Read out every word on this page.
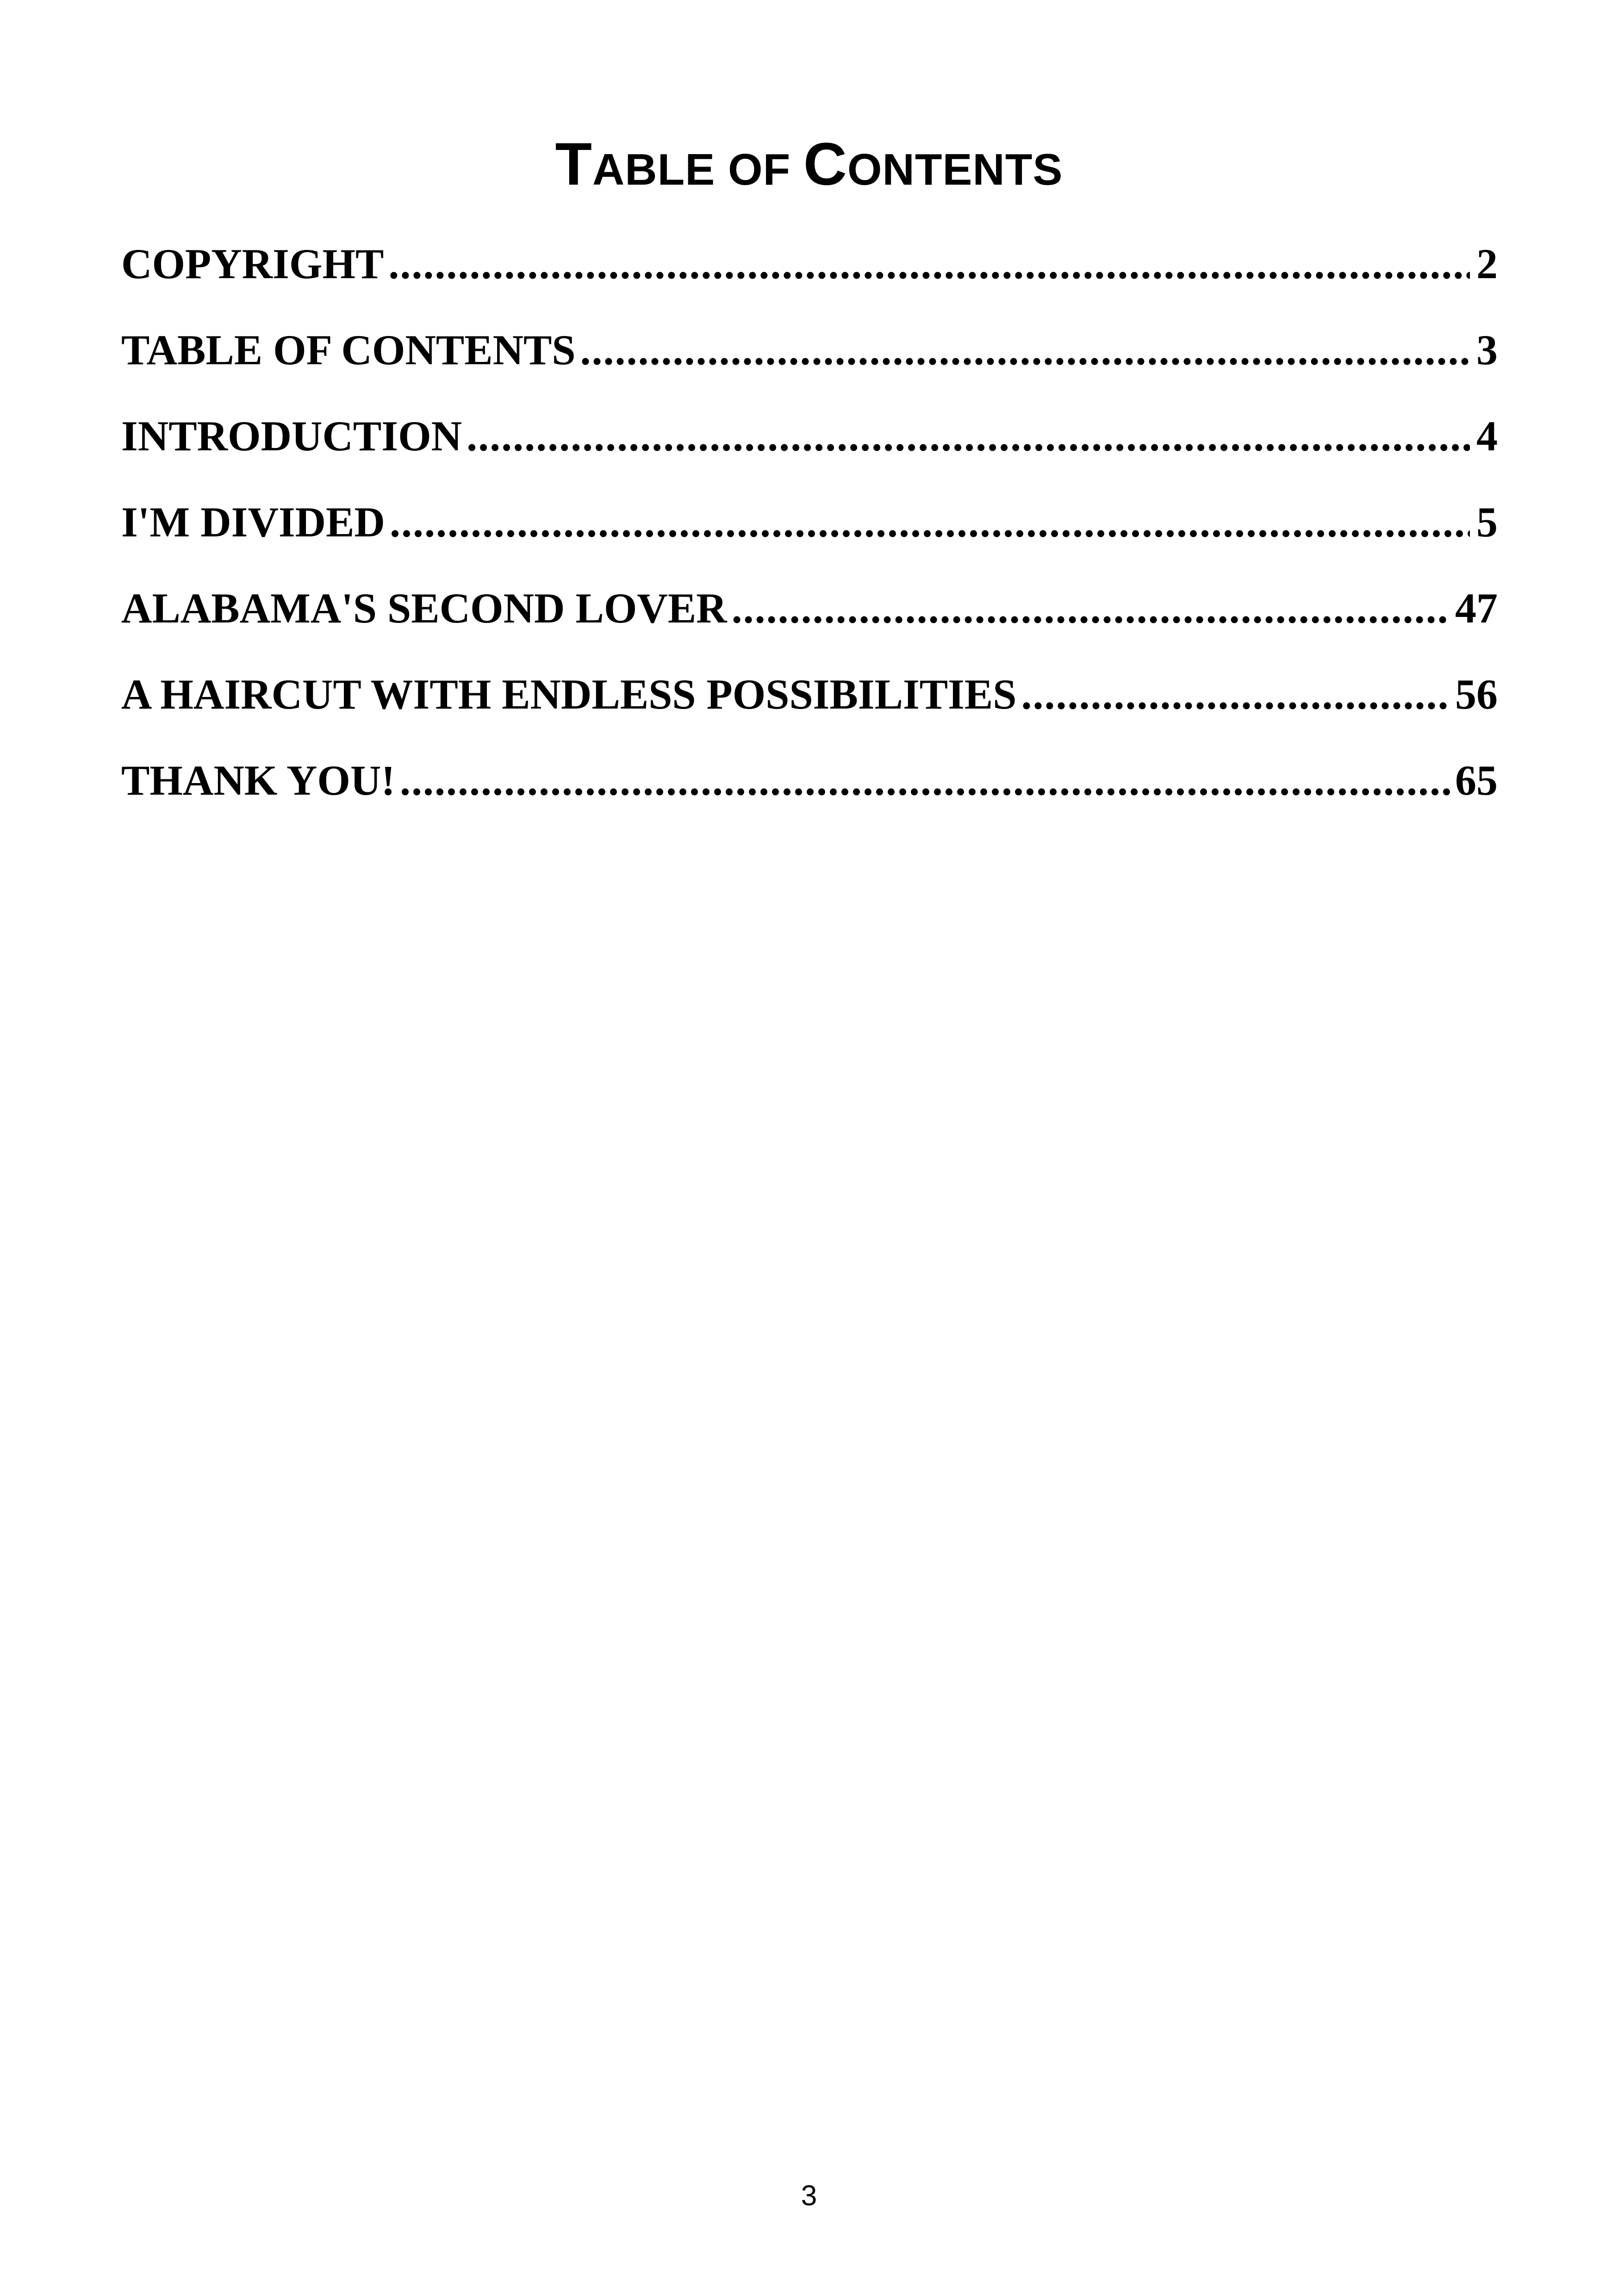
TABLE OF CONTENTS
COPYRIGHT .....	2
TABLE OF CONTENTS .....	3
INTRODUCTION .....	4
I'M DIVIDED .....	5
ALABAMA'S SECOND LOVER .....	47
A HAIRCUT WITH ENDLESS POSSIBILITIES .....	56
THANK YOU! .....	65
3
